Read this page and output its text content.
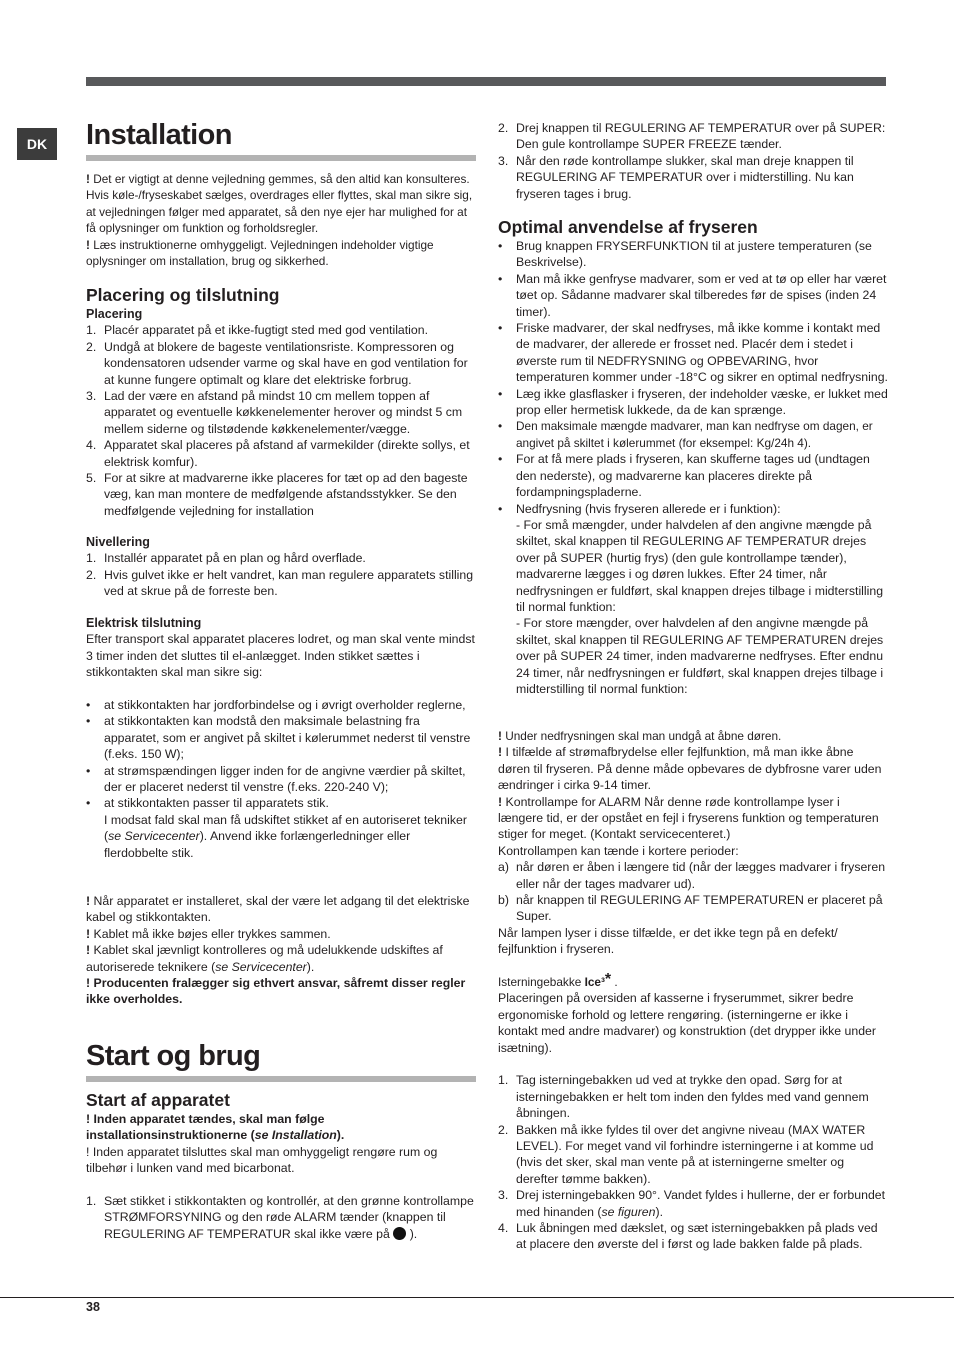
DK	Installation

! Det er vigtigt at denne vejledning gemmes, så den altid kan konsulteres. Hvis køle-/fryseskabet sælges, overdrages eller flyttes, skal man sikre sig, at vejledningen følger med apparatet, så den nye ejer har mulighed for at få oplysninger om funktion og forholdsregler.

! Læs instruktionerne omhyggeligt. Vejledningen indeholder vigtige oplysninger om installation, brug og sikkerhed.

Placering og tilslutning
Placering
1. Placér apparatet på et ikke-fugtigt sted med god ventilation.
2. Undgå at blokere de bageste ventilationsriste. Kompressoren og kondensatoren udsender varme og skal have en god ventilation for at kunne fungere optimalt og klare det elektriske forbrug.
3. Lad der være en afstand på mindst 10 cm mellem toppen af apparatet og eventuelle køkkenelementer herover og mindst 5 cm mellem siderne og tilstødende køkkenelementer/vægge.
4. Apparatet skal placeres på afstand af varmekilder (direkte sollys, et elektrisk komfur).
5. For at sikre at madvarerne ikke placeres for tæt op ad den bageste væg, kan man montere de medfølgende afstandsstykker. Se den medfølgende vejledning for installation
Nivellering
1. Installér apparatet på en plan og hård overflade.
2. Hvis gulvet ikke er helt vandret, kan man regulere apparatets stilling ved at skrue på de forreste ben.
Elektrisk tilslutning

Efter transport skal apparatet placeres lodret, og man skal vente mindst 3 timer inden det sluttes til el-anlægget. Inden stikket sættes i stikkontakten skal man sikre sig:

• at stikkontakten har jordforbindelse og i øvrigt overholder reglerne,
• at stikkontakten kan modstå den maksimale belastning fra apparatet, som er angivet på skiltet i kølerummet nederst til venstre (f.eks. 150 W);
• at strømspændingen ligger inden for de angivne værdier på skiltet, der er placeret nederst til venstre (f.eks. 220-240 V);
• at stikkontakten passer til apparatets stik.
I modsat fald skal man få udskiftet stikket af en autoriseret tekniker (se Servicecenter). Anvend ikke forlængerledninger eller flerdobbelte stik.

! Når apparatet er installeret, skal der være let adgang til det elektriske kabel og stikkontakten.

! Kablet må ikke bøjes eller trykkes sammen.

! Kablet skal jævnligt kontrolleres og må udelukkende udskiftes af autoriserede teknikere (se Servicecenter).

! Producenten fralægger sig ethvert ansvar, såfremt disser regler ikke overholdes.

Start og brug
Start af apparatet

! Inden apparatet tændes, skal man følge installationsinstruktionerne (se Installation).

! Inden apparatet tilsluttes skal man omhyggeligt rengøre rum og tilbehør i lunken vand med bicarbonat.

1. Sæt stikket i stikkontakten og kontrollér, at den grønne kontrollampe STRØMFORSYNING og den røde ALARM tænder (knappen til REGULERING AF TEMPERATUR skal ikke være på ).
2. Drej knappen til REGULERING AF TEMPERATUR over på SUPER: Den gule kontrollampe SUPER FREEZE tænder.
3. Når den røde kontrollampe slukker, skal man dreje knappen til REGULERING AF TEMPERATUR over i midterstilling. Nu kan fryseren tages i brug.
Optimal anvendelse af fryseren
• Brug knappen FRYSERFUNKTION til at justere temperaturen (se Beskrivelse).
• Man må ikke genfryse madvarer, som er ved at tø op eller har været tøet op. Sådanne madvarer skal tilberedes før de spises (inden 24 timer).
• Friske madvarer, der skal nedfryses, må ikke komme i kontakt med de madvarer, der allerede er frosset ned. Placér dem i stedet i øverste rum til NEDFRYSNING og OPBEVARING, hvor temperaturen kommer under -18°C og sikrer en optimal nedfrysning.
• Læg ikke glasflasker i fryseren, der indeholder væske, er lukket med prop eller hermetisk lukkede, da de kan sprænge.
• Den maksimale mængde madvarer, man kan nedfryse om dagen, er angivet på skiltet i kølerummet (for eksempel: Kg/24h 4).
• For at få mere plads i fryseren, kan skufferne tages ud (undtagen den nederste), og madvarerne kan placeres direkte på fordampningspladerne.
• Nedfrysning (hvis fryseren allerede er i funktion):
- For små mængder, under halvdelen af den angivne mængde på skiltet, skal knappen til REGULERING AF TEMPERATUR drejes over på SUPER (hurtig frys) (den gule kontrollampe tænder), madvarerne lægges i og døren lukkes. Efter 24 timer, når nedfrysningen er fuldført, skal knappen drejes tilbage i midterstilling til normal funktion:
- For store mængder, over halvdelen af den angivne mængde på skiltet, skal knappen til REGULERING AF TEMPERATUREN drejes over på SUPER 24 timer, inden madvarerne nedfryses. Efter endnu 24 timer, når nedfrysningen er fuldført, skal knappen drejes tilbage i midterstilling til normal funktion:

! Under nedfrysningen skal man undgå at åbne døren.

! I tilfælde af strømafbrydelse eller fejlfunktion, må man ikke åbne døren til fryseren. På denne måde opbevares de dybfrosne varer uden ændringer i cirka 9-14 timer.

! Kontrollampe for ALARM Når denne røde kontrollampe lyser i længere tid, er der opstået en fejl i fryserens funktion og temperaturen stiger for meget. (Kontakt servicecenteret.)

Kontrollampen kan tænde i kortere perioder:

a) når døren er åben i længere tid (når der lægges madvarer i fryseren eller når der tages madvarer ud).
b) når knappen til REGULERING AF TEMPERATUREN er placeret på Super.

Når lampen lyser i disse tilfælde, er det ikke tegn på en defekt/ fejlfunktion i fryseren.

Isterningebakke Ice³* .

Placeringen på oversiden af kasserne i fryserummet, sikrer bedre ergonomiske forhold og lettere rengøring. (isterningerne er ikke i kontakt med andre madvarer) og konstruktion (det drypper ikke under isætning).

1. Tag isterningebakken ud ved at trykke den opad. Sørg for at isterningebakken er helt tom inden den fyldes med vand gennem åbningen.
2. Bakken må ikke fyldes til over det angivne niveau (MAX WATER LEVEL). For meget vand vil forhindre isterningerne i at komme ud (hvis det sker, skal man vente på at isterningerne smelter og derefter tømme bakken).
3. Drej isterningebakken 90°. Vandet fyldes i hullerne, der er forbundet med hinanden (se figuren).
4. Luk åbningen med dækslet, og sæt isterningebakken på plads ved at placere den øverste del i først og lade bakken falde på plads.
38
